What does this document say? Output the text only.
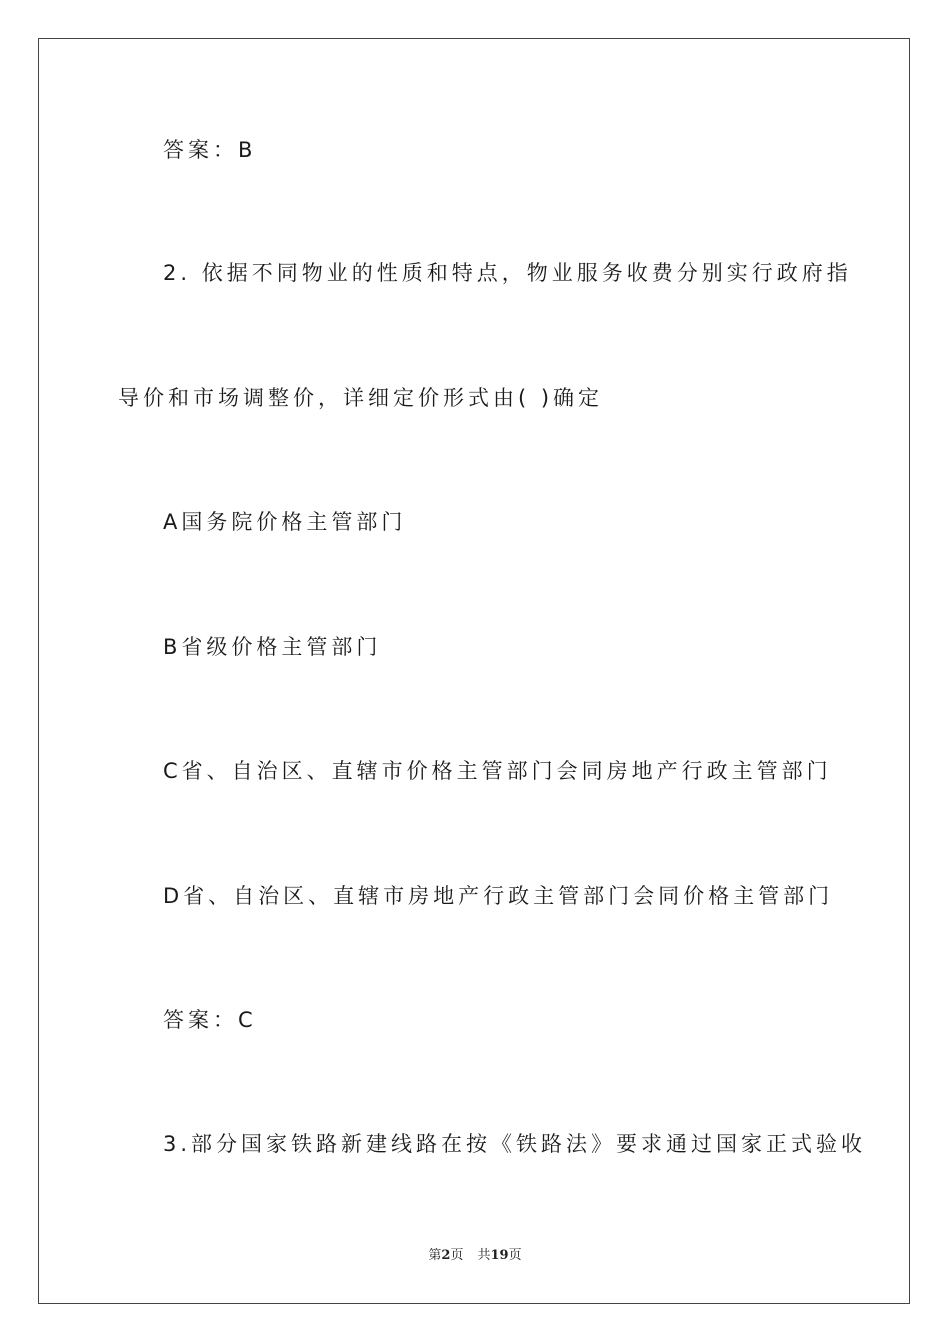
答案：B
2. 依据不同物业的性质和特点，物业服务收费分别实行政府指
导价和市场调整价，详细定价形式由( )确定
A国务院价格主管部门
B省级价格主管部门
C省、自治区、直辖市价格主管部门会同房地产行政主管部门
D省、自治区、直辖市房地产行政主管部门会同价格主管部门
答案：C
3.部分国家铁路新建线路在按《铁路法》要求通过国家正式验收
第2页 共19页
